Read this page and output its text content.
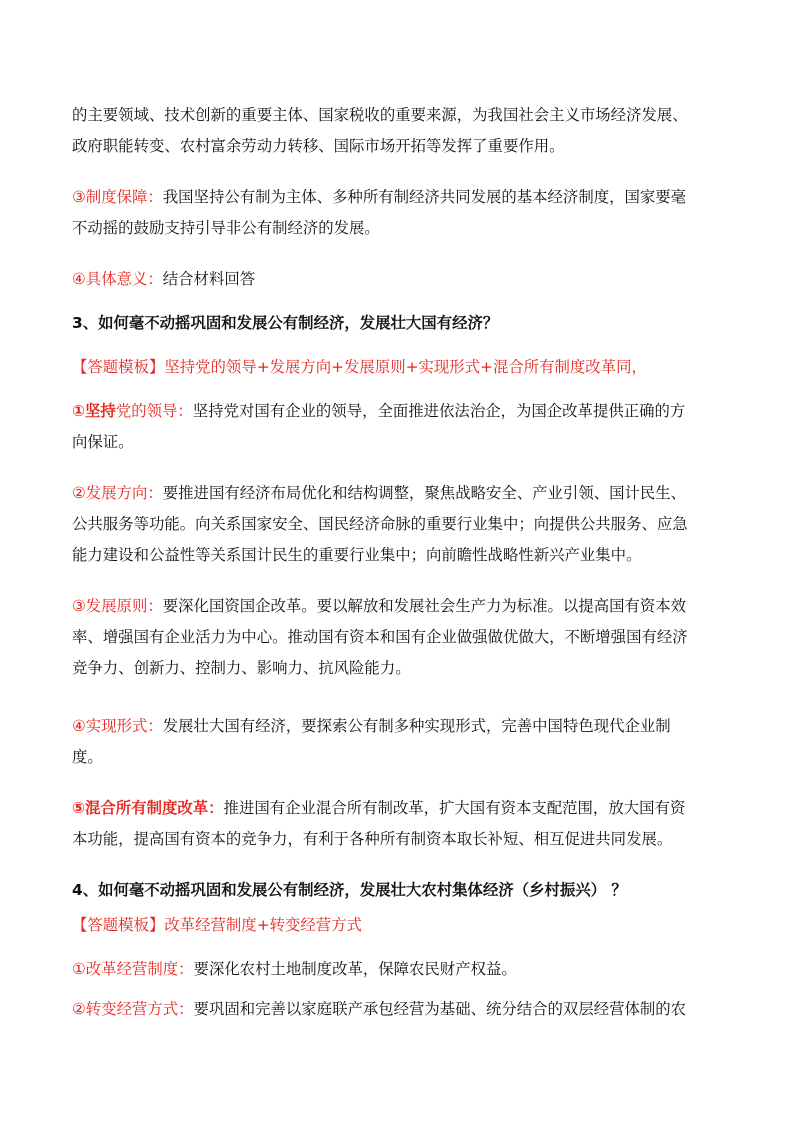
的主要领域、技术创新的重要主体、国家税收的重要来源，为我国社会主义市场经济发展、
政府职能转变、农村富余劳动力转移、国际市场开拓等发挥了重要作用。

③制度保障：我国坚持公有制为主体、多种所有制经济共同发展的基本经济制度，国家要毫
不动摇的鼓励支持引导非公有制经济的发展。

④具体意义：结合材料回答

3、如何毫不动摇巩固和发展公有制经济，发展壮大国有经济？

【答题模板】坚持党的领导+发展方向+发展原则+实现形式+混合所有制度改革同，

①坚持党的领导：坚持党对国有企业的领导，全面推进依法治企，为国企改革提供正确的方
向保证。

②发展方向：要推进国有经济布局优化和结构调整，聚焦战略安全、产业引领、国计民生、
公共服务等功能。向关系国家安全、国民经济命脉的重要行业集中；向提供公共服务、应急
能力建设和公益性等关系国计民生的重要行业集中；向前瞻性战略性新兴产业集中。

③发展原则：要深化国资国企改革。要以解放和发展社会生产力为标准。以提高国有资本效
率、增强国有企业活力为中心。推动国有资本和国有企业做强做优做大，不断增强国有经济
竞争力、创新力、控制力、影响力、抗风险能力。

④实现形式：发展壮大国有经济，要探索公有制多种实现形式，完善中国特色现代企业制
度。

⑤混合所有制度改革：推进国有企业混合所有制改革，扩大国有资本支配范围，放大国有资
本功能，提高国有资本的竞争力，有利于各种所有制资本取长补短、相互促进共同发展。

4、如何毫不动摇巩固和发展公有制经济，发展壮大农村集体经济（乡村振兴） ？

【答题模板】改革经营制度+转变经营方式

①改革经营制度：要深化农村土地制度改革，保障农民财产权益。

②转变经营方式：要巩固和完善以家庭联产承包经营为基础、统分结合的双层经营体制的农
